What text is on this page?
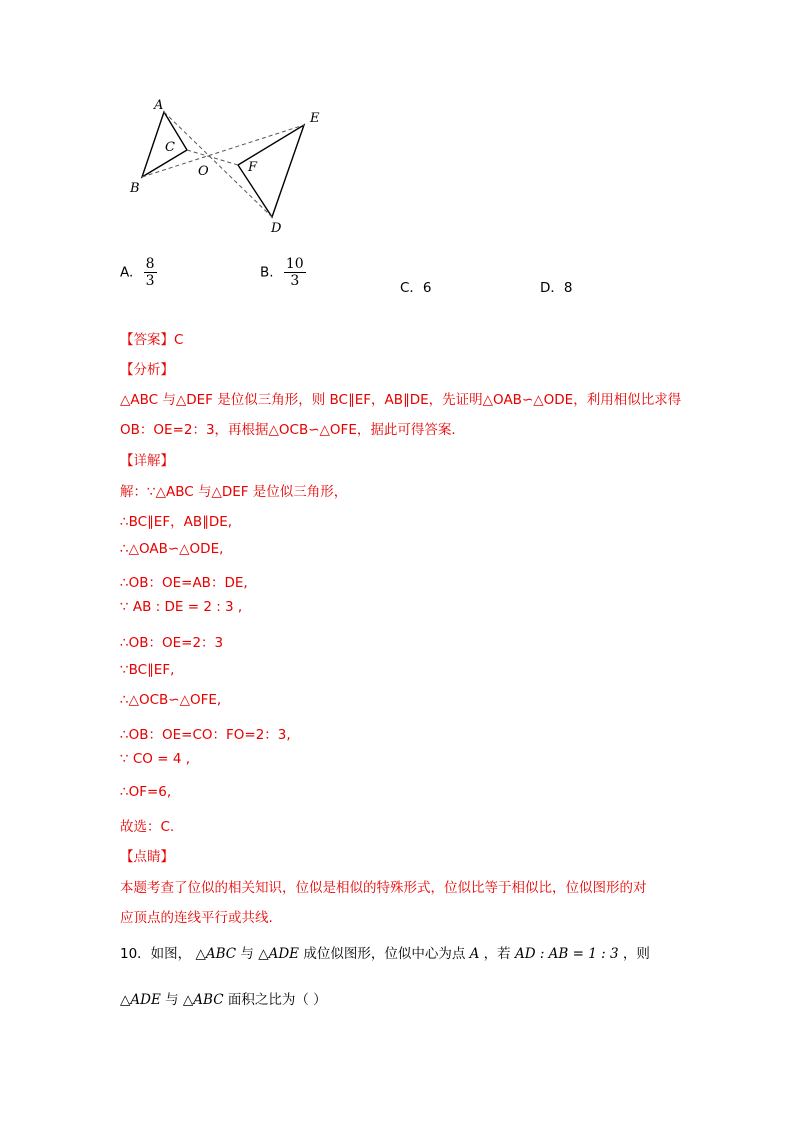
A
B
C
O	F
E
D
A. $\frac{8}{3}$	B. $\frac{10}{3}$	C．6	D．8
【答案】C
【分析】
△ABC 与△DEF 是位似三角形，则 BC∥EF，AB∥DE，先证明△OAB∽△ODE，利用相似比求得
OB：OE=2：3，再根据△OCB∽△OFE，据此可得答案.
【详解】
解：∵△ABC 与△DEF 是位似三角形，
∴BC∥EF，AB∥DE,
∴△OAB∽△ODE,
∴OB：OE=AB：DE,
∵ AB : DE = 2 : 3 ,
∴OB：OE=2：3
∵BC∥EF,
∴△OCB∽△OFE,
∴OB：OE=CO：FO=2：3,
∵ CO = 4 ,
∴OF=6,
故选：C.
【点睛】
本题考查了位似的相关知识，位似是相似的特殊形式，位似比等于相似比，位似图形的对
应顶点的连线平行或共线.
10．如图， △ABC 与 △ADE 成位似图形，位似中心为点 A ，若 AD : AB = 1 : 3 ，则
△ADE 与 △ABC 面积之比为（ ）
